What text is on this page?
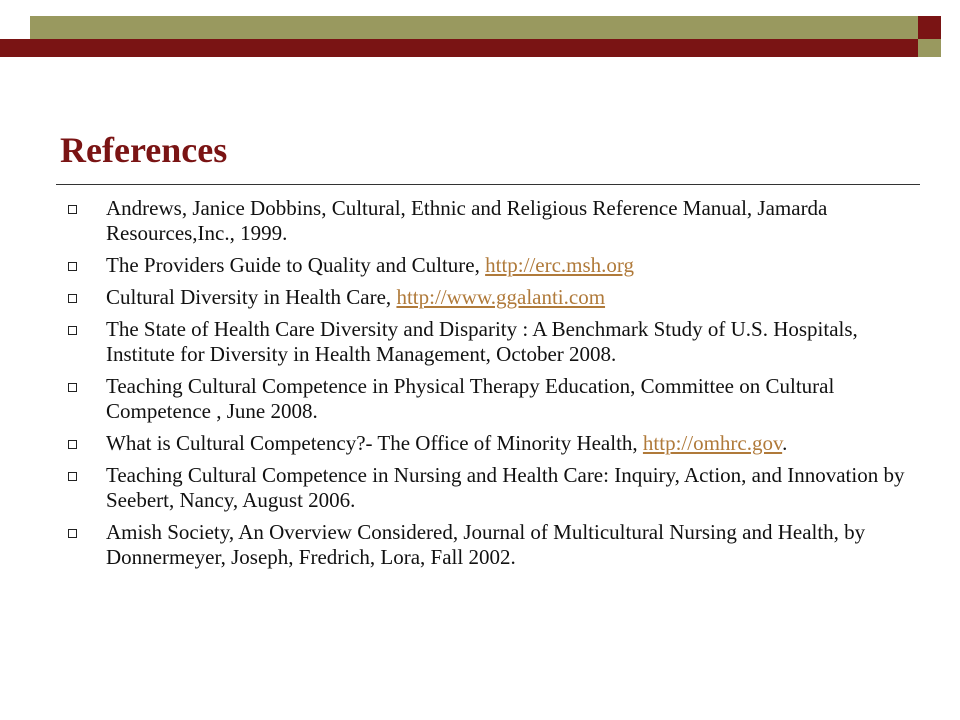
References
Andrews, Janice Dobbins, Cultural, Ethnic and Religious Reference Manual, Jamarda Resources,Inc., 1999.
The Providers Guide to Quality and Culture, http://erc.msh.org
Cultural Diversity in Health Care, http://www.ggalanti.com
The State of Health Care Diversity and Disparity : A Benchmark Study of U.S. Hospitals, Institute for Diversity in Health Management, October 2008.
Teaching Cultural Competence in Physical Therapy Education, Committee on Cultural Competence , June 2008.
What is Cultural Competency?- The Office of Minority Health, http://omhrc.gov.
Teaching Cultural Competence in Nursing and Health Care: Inquiry, Action, and Innovation by Seebert, Nancy, August 2006.
Amish Society, An Overview Considered, Journal of Multicultural Nursing and Health, by Donnermeyer, Joseph, Fredrich, Lora, Fall 2002.
